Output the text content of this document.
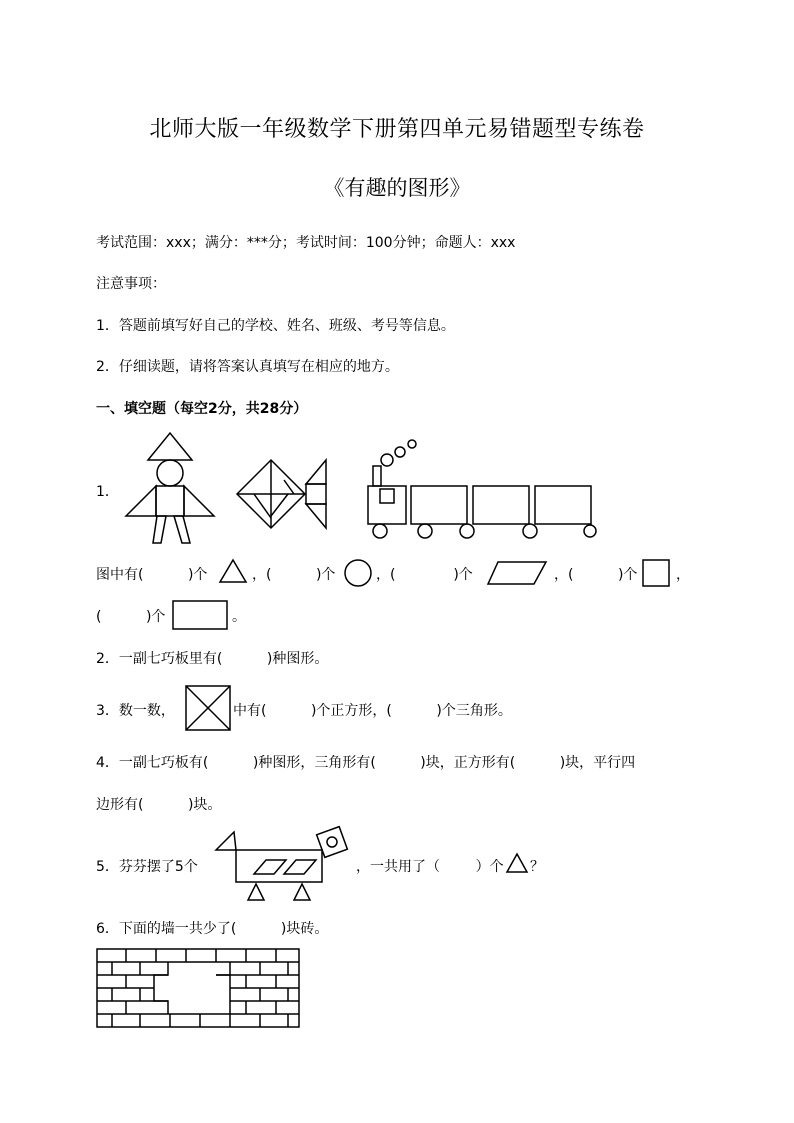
北师大版一年级数学下册第四单元易错题型专练卷
《有趣的图形》
考试范围：xxx；满分：***分；考试时间：100分钟；命题人：xxx
注意事项：
1．答题前填写好自己的学校、姓名、班级、考号等信息。
2．仔细读题，请将答案认真填写在相应的地方。
一、填空题（每空2分，共28分）
1．
图中有(          )个	，(          )个	，(             )个	，(          )个	，
(          )个	。
2．一副七巧板里有(          )种图形。
3．数一数，	中有(          )个正方形，(          )个三角形。
4．一副七巧板有(          )种图形，三角形有(          )块，正方形有(          )块，平行四
边形有(          )块。
5．芬芬摆了5个	，一共用了（        ）个 ？
6．下面的墙一共少了(          )块砖。
